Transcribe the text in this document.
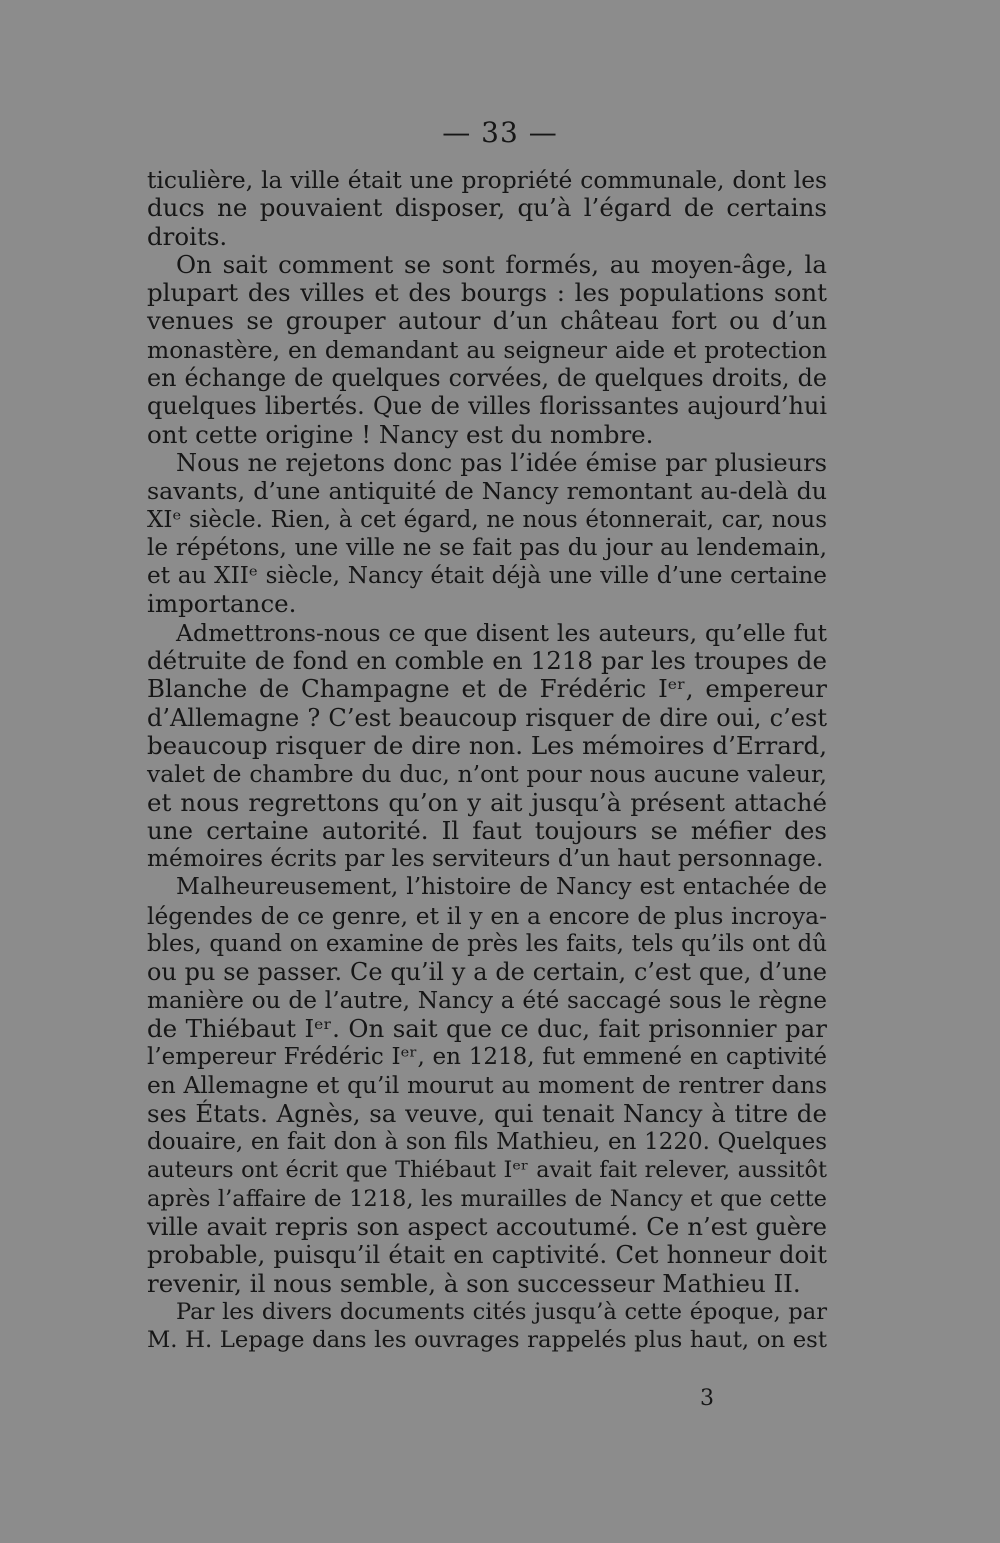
— 33 —
ticulière, la ville était une propriété communale, dont les
ducs ne pouvaient disposer, qu’à l’égard de certains
droits.
On sait comment se sont formés, au moyen-âge, la
plupart des villes et des bourgs : les populations sont
venues se grouper autour d’un château fort ou d’un
monastère, en demandant au seigneur aide et protection
en échange de quelques corvées, de quelques droits, de
quelques libertés. Que de villes florissantes aujourd’hui
ont cette origine ! Nancy est du nombre.
Nous ne rejetons donc pas l’idée émise par plusieurs
savants, d’une antiquité de Nancy remontant au-delà du
XIᵉ siècle. Rien, à cet égard, ne nous étonnerait, car, nous
le répétons, une ville ne se fait pas du jour au lendemain,
et au XIIᵉ siècle, Nancy était déjà une ville d’une certaine
importance.
Admettrons-nous ce que disent les auteurs, qu’elle fut
détruite de fond en comble en 1218 par les troupes de
Blanche de Champagne et de Frédéric Iᵉʳ, empereur
d’Allemagne ? C’est beaucoup risquer de dire oui, c’est
beaucoup risquer de dire non. Les mémoires d’Errard,
valet de chambre du duc, n’ont pour nous aucune valeur,
et nous regrettons qu’on y ait jusqu’à présent attaché
une certaine autorité. Il faut toujours se méfier des
mémoires écrits par les serviteurs d’un haut personnage.
Malheureusement, l’histoire de Nancy est entachée de
légendes de ce genre, et il y en a encore de plus incroya-
bles, quand on examine de près les faits, tels qu’ils ont dû
ou pu se passer. Ce qu’il y a de certain, c’est que, d’une
manière ou de l’autre, Nancy a été saccagé sous le règne
de Thiébaut Iᵉʳ. On sait que ce duc, fait prisonnier par
l’empereur Frédéric Iᵉʳ, en 1218, fut emmené en captivité
en Allemagne et qu’il mourut au moment de rentrer dans
ses États. Agnès, sa veuve, qui tenait Nancy à titre de
douaire, en fait don à son fils Mathieu, en 1220. Quelques
auteurs ont écrit que Thiébaut Iᵉʳ avait fait relever, aussitôt
après l’affaire de 1218, les murailles de Nancy et que cette
ville avait repris son aspect accoutumé. Ce n’est guère
probable, puisqu’il était en captivité. Cet honneur doit
revenir, il nous semble, à son successeur Mathieu II.
Par les divers documents cités jusqu’à cette époque, par
M. H. Lepage dans les ouvrages rappelés plus haut, on est
3
